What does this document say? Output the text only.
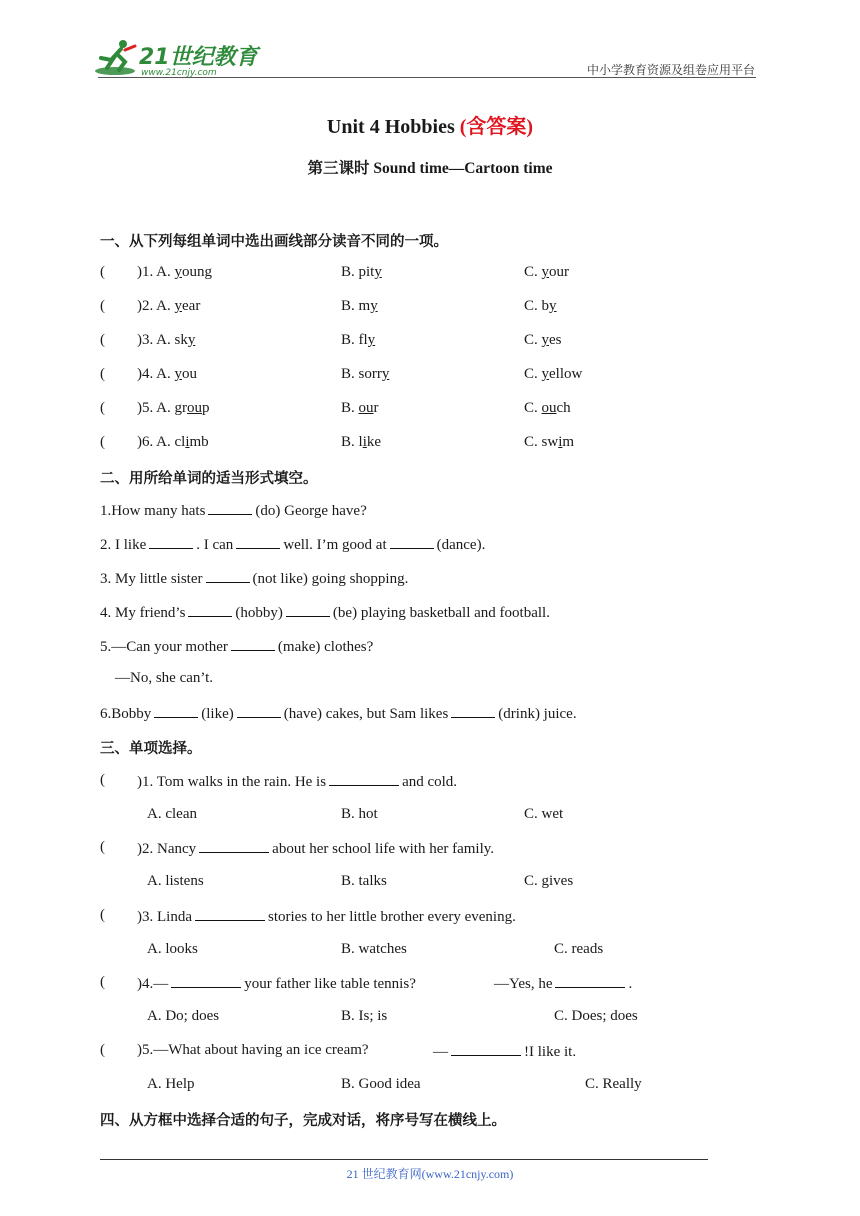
21世纪教育
www.21cnjy.com	中小学教育资源及组卷应用平台
Unit 4 Hobbies (含答案)
第三课时 Sound time—Cartoon time
一、从下列每组单词中选出画线部分读音不同的一项。
( )1. A. young	B. pity	C. your
( )2. A. year	B. my	C. by
( )3. A. sky	B. fly	C. yes
( )4. A. you	B. sorry	C. yellow
( )5. A. group	B. our	C. ouch
( )6. A. climb	B. like	C. swim
二、用所给单词的适当形式填空。
1.How many hats	(do) George have?
2. I like	. I can	well. I’m good at	(dance).
3. My little sister	(not like) going shopping.
4. My friend’s	(hobby)	(be) playing basketball and football.
5.—Can your mother	(make) clothes?
—No, she can’t.
6.Bobby	(like)	(have) cakes, but Sam likes	(drink) juice.
三、单项选择。
( )1. Tom walks in the rain. He is	and cold.
A. clean	B. hot	C. wet
( )2. Nancy	about her school life with her family.
A. listens	B. talks	C. gives
( )3. Linda	stories to her little brother every evening.
A. looks	B. watches	C. reads
( )4.—	your father like table tennis?	—Yes, he	.
A. Do; does	B. Is; is	C. Does; does
( )5.—What about having an ice cream?	—	!I like it.
A. Help	B. Good idea	C. Really
四、从方框中选择合适的句子，完成对话，将序号写在横线上。
21 世纪教育网(www.21cnjy.com)
